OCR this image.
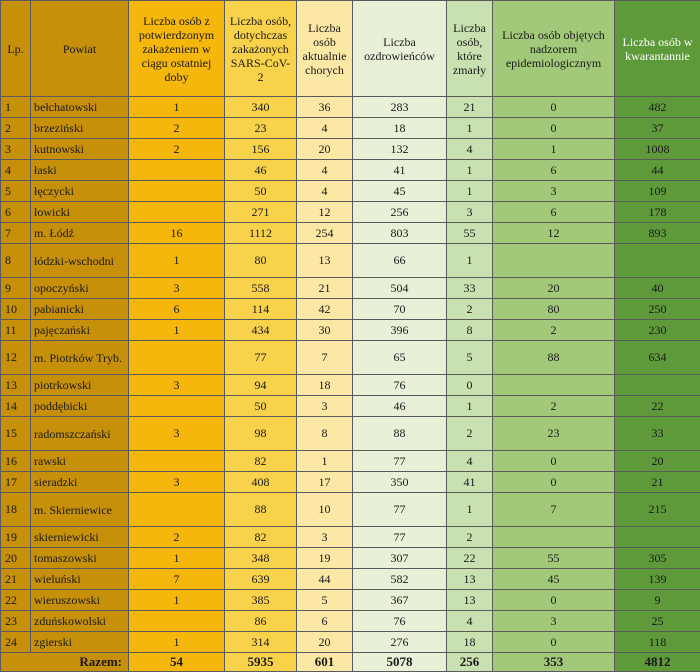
Lp.	Powiat	Liczba osób z potwierdzonym zakażeniem w ciągu ostatniej doby	Liczba osób, dotychczas zakażonych SARS-CoV-2	Liczba osób aktualnie chorych	Liczba ozdrowieńców	Liczba osób, które zmarły	Liczba osób objętych nadzorem epidemiologicznym	Liczba osób w kwarantannie
1	bełchatowski	1	340	36	283	21	0	482
2	brzeziński	2	23	4	18	1	0	37
3	kutnowski	2	156	20	132	4	1	1008
4	łaski		46	4	41	1	6	44
5	łęczycki		50	4	45	1	3	109
6	łowicki		271	12	256	3	6	178
7	m. Łódź	16	1112	254	803	55	12	893
8	łódzki-wschodni	1	80	13	66	1		
9	opoczyński	3	558	21	504	33	20	40
10	pabianicki	6	114	42	70	2	80	250
11	pajęczański	1	434	30	396	8	2	230
12	m. Piotrków Tryb.		77	7	65	5	88	634
13	piotrkowski	3	94	18	76	0		
14	poddębicki		50	3	46	1	2	22
15	radomszczański	3	98	8	88	2	23	33
16	rawski		82	1	77	4	0	20
17	sieradzki	3	408	17	350	41	0	21
18	m. Skierniewice		88	10	77	1	7	215
19	skierniewicki	2	82	3	77	2		
20	tomaszowski	1	348	19	307	22	55	305
21	wieluński	7	639	44	582	13	45	139
22	wieruszowski	1	385	5	367	13	0	9
23	zduńskowolski		86	6	76	4	3	25
24	zgierski	1	314	20	276	18	0	118
Razem:		54	5935	601	5078	256	353	4812
